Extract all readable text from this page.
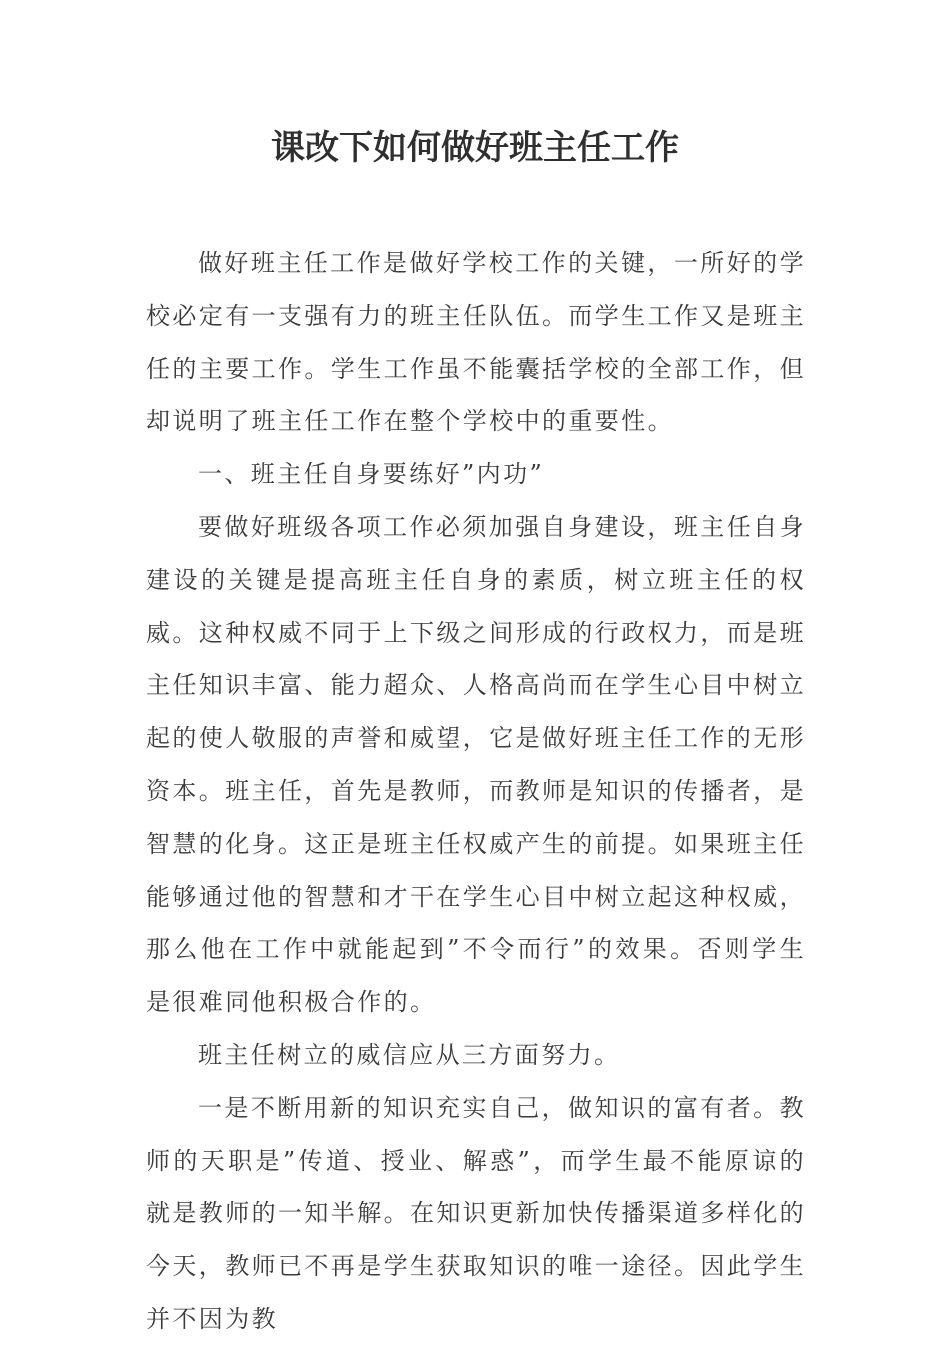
课改下如何做好班主任工作

做好班主任工作是做好学校工作的关键，一所好的学校必定有一支强有力的班主任队伍。而学生工作又是班主任的主要工作。学生工作虽不能囊括学校的全部工作，但却说明了班主任工作在整个学校中的重要性。

一、班主任自身要练好”内功”

要做好班级各项工作必须加强自身建设，班主任自身建设的关键是提高班主任自身的素质，树立班主任的权威。这种权威不同于上下级之间形成的行政权力，而是班主任知识丰富、能力超众、人格高尚而在学生心目中树立起的使人敬服的声誉和威望，它是做好班主任工作的无形资本。班主任，首先是教师，而教师是知识的传播者，是智慧的化身。这正是班主任权威产生的前提。如果班主任能够通过他的智慧和才干在学生心目中树立起这种权威，那么他在工作中就能起到”不令而行”的效果。否则学生是很难同他积极合作的。

班主任树立的威信应从三方面努力。

一是不断用新的知识充实自己，做知识的富有者。教师的天职是”传道、授业、解惑”，而学生最不能原谅的就是教师的一知半解。在知识更新加快传播渠道多样化的今天，教师已不再是学生获取知识的唯一途径。因此学生并不因为教
